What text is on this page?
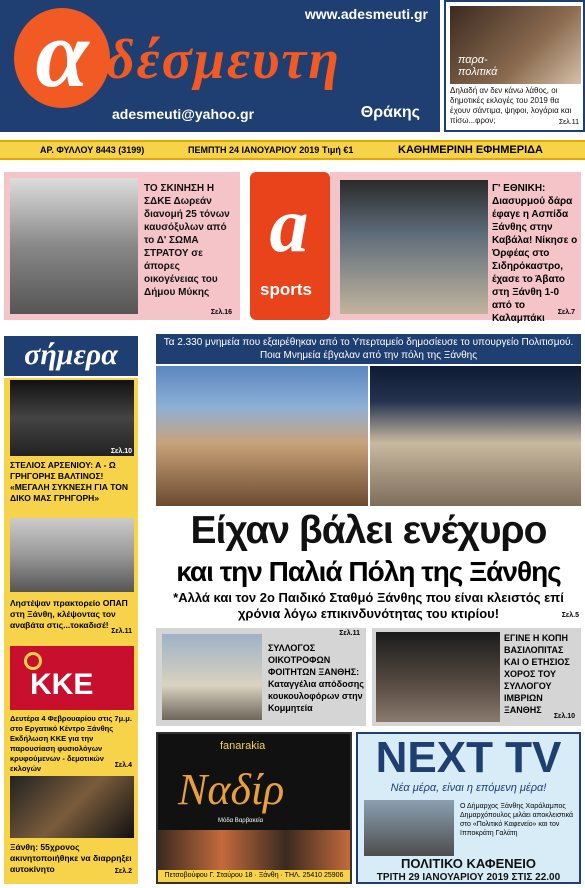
www.adesmeuti.gr
α δέσμευτη
adesmeuti@yahoo.gr	Θράκης
παρα-
πολιτικά
Δηλαδή αν δεν κάνω λάθος, οι δημοτικές εκλογές του 2019 θα έχουν σάντιμα, ψηφοι, λογάρια και πίσω...φρον;	Σελ.11
ΑΡ. ΦΥΛΛΟΥ 8443 (3199)	ΠΕΜΠΤΗ 24 ΙΑΝΟΥΑΡΙΟΥ 2019 Τιμή €1	ΚΑΘΗΜΕΡΙΝΗ ΕΦΗΜΕΡΙΔΑ
ΤΟ ΣΚΙΝΗΣΗ Η ΣΔΚΕ Δωρεάν διανομή 25 τόνων καυσόξυλων από το Δ' ΣΩΜΑ ΣΤΡΑΤΟΥ σε άπορες οικογένειας του Δήμου Μύκης
Σελ.16
a
sports
Γ' ΕΘΝΙΚΗ: Διασυρμού δάρα έφαγε η Ασπίδα Ξάνθης στην Καβάλα! Νίκησε ο Όρφέας στο Σιδηρόκαστρο, έχασε το Άβατο στη Ξάνθη 1-0 από το Καλαμπάκι
Σελ.7
σήμερα
Σελ.10
ΣΤΕΛΙΟΣ ΑΡΣΕΝΙΟΥ: Α - Ω ΓΡΗΓΟΡΗΣ ΒΑΛΤΙΝΟΣ! «ΜΕΓΑΛΗ ΣΥΚΝΕΣΗ ΓΙΑ ΤΟΝ ΔΙΚΟ ΜΑΣ ΓΡΗΓΟΡΗ»
Ληστέψαν πρακτορείο ΟΠΑΠ στη Ξάνθη, κλέψοντας τον αναβάτα στις...τοκαδισέ!
Σελ.11
ΚΚΕ
Δευτέρα 4 Φεβρουαρίου στις 7μ.μ. στο Εργατικό Κέντρο Ξάνθης Εκδήλωση ΚΚΕ για την παρουσίαση φυσιολόγων κρυφούμενων - δεμοτικών εκλογών	Σελ.4
Ξάνθη: 55χρονος ακινητοποιήθηκε να διαρρηξει αυτοκίνητο	Σελ.2
Τα 2.330 μνημεία που εξαιρέθηκαν από το Υπερταμείο δημοσίευσε το υπουργείο Πολιτισμού. Ποια Μνημεία έβγαλαν από την πόλη της Ξάνθης
Είχαν βάλει ενέχυρο
και την Παλιά Πόλη της Ξάνθης
*Αλλά και τον 2ο Παιδικό Σταθμό Ξάνθης που είναι κλειστός επί χρόνια λόγω επικινδυνότητας του κτιρίου!	Σελ.5
ΣΥΛΛΟΓΟΣ ΟΙΚΟΤΡΟΦΩΝ ΦΟΙΤΗΤΩΝ ΞΑΝΘΗΣ: Καταγγέλια απόδοσης κουκουλοφόρων στην Κομμητεία
Σελ.11	ΕΓΙΝΕ Η ΚΟΠΗ ΒΑΣΙΛΟΠΙΤΑΣ ΚΑΙ Ο ΕΤΗΣΙΟΣ ΧΟΡΟΣ ΤΟΥ ΣΥΛΛΟΓΟΥ ΙΜΒΡΙΩΝ ΞΑΝΘΗΣ
Σελ.10
fanarakia
Ναδίρ
Μόδα Βαρβακεία
Πετσοβούφου Γ. Σταύρου 18 · Ξάνθη · ΤΗΛ. 25410 25906
NEXT TV
Νέα μέρα, είναι η επόμενη μέρα!
Ο Δήμαρχος Ξάνθης Χαράλαμπος Δημαρχόπουλος μιλάει αποκλειστικά στο «Πολιτικό Καφενείο» και τον Ιπποκράτη Γαλάτη
ΠΟΛΙΤΙΚΟ ΚΑΦΕΝΕΙΟ
ΤΡΙΤΗ 29 ΙΑΝΟΥΑΡΙΟΥ 2019 ΣΤΙΣ 22.00
